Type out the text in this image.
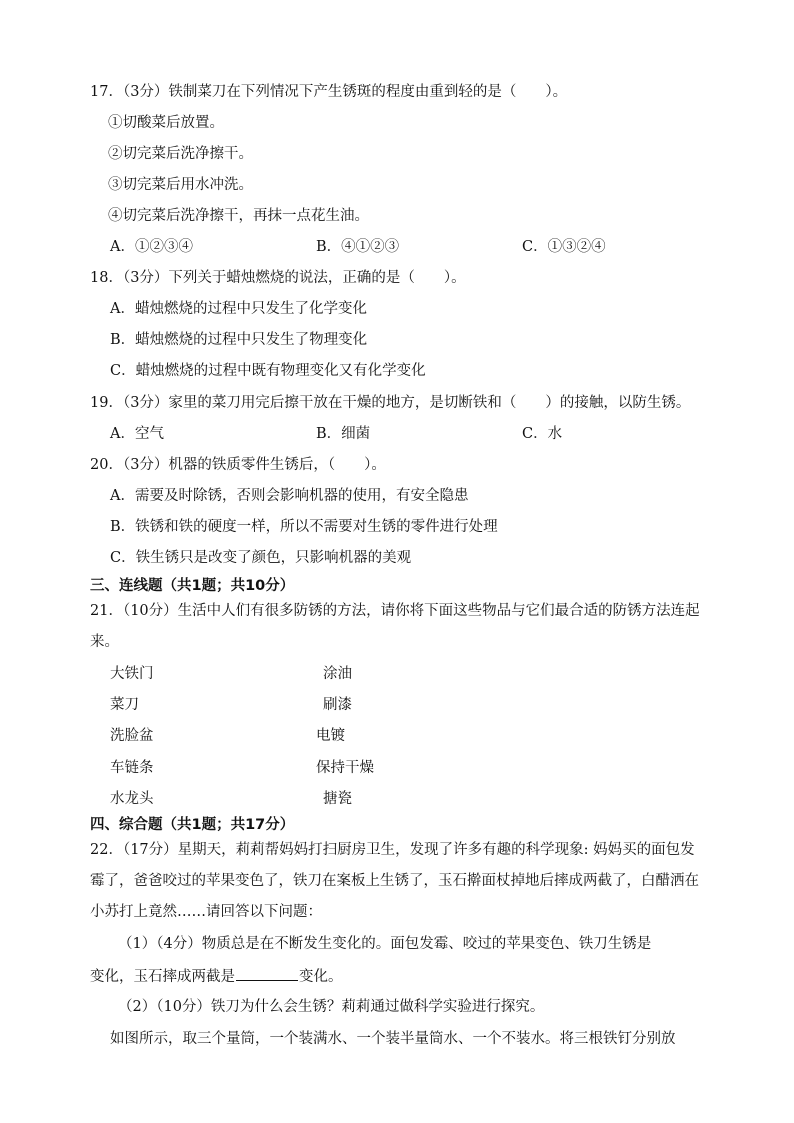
17．（3分）铁制菜刀在下列情况下产生锈斑的程度由重到轻的是（　　）。
①切酸菜后放置。
②切完菜后洗净擦干。
③切完菜后用水冲洗。
④切完菜后洗净擦干，再抹一点花生油。
A．①②③④	B．④①②③	C．①③②④
18．（3分）下列关于蜡烛燃烧的说法，正确的是（　　）。
A．蜡烛燃烧的过程中只发生了化学变化
B．蜡烛燃烧的过程中只发生了物理变化
C．蜡烛燃烧的过程中既有物理变化又有化学变化
19．（3分）家里的菜刀用完后擦干放在干燥的地方，是切断铁和（　　）的接触，以防生锈。
A．空气	B．细菌	C．水
20．（3分）机器的铁质零件生锈后，（　　）。
A．需要及时除锈，否则会影响机器的使用，有安全隐患
B．铁锈和铁的硬度一样，所以不需要对生锈的零件进行处理
C．铁生锈只是改变了颜色，只影响机器的美观
三、连线题（共1题；共10分）
21．（10分）生活中人们有很多防锈的方法，请你将下面这些物品与它们最合适的防锈方法连起
来。
大铁门
菜刀
洗脸盆
车链条
水龙头
涂油
刷漆
电镀
保持干燥
搪瓷
四、综合题（共1题；共17分）
22．（17分）星期天，莉莉帮妈妈打扫厨房卫生，发现了许多有趣的科学现象: 妈妈买的面包发
霉了，爸爸咬过的苹果变色了，铁刀在案板上生锈了，玉石擀面杖掉地后摔成两截了，白醋洒在
小苏打上竟然……请回答以下问题：
（1）（4分）物质总是在不断发生变化的。面包发霉、咬过的苹果变色、铁刀生锈是
变化，玉石摔成两截是	变化。
（2）（10分）铁刀为什么会生锈？莉莉通过做科学实验进行探究。
如图所示，取三个量筒，一个装满水、一个装半量筒水、一个不装水。将三根铁钉分别放
